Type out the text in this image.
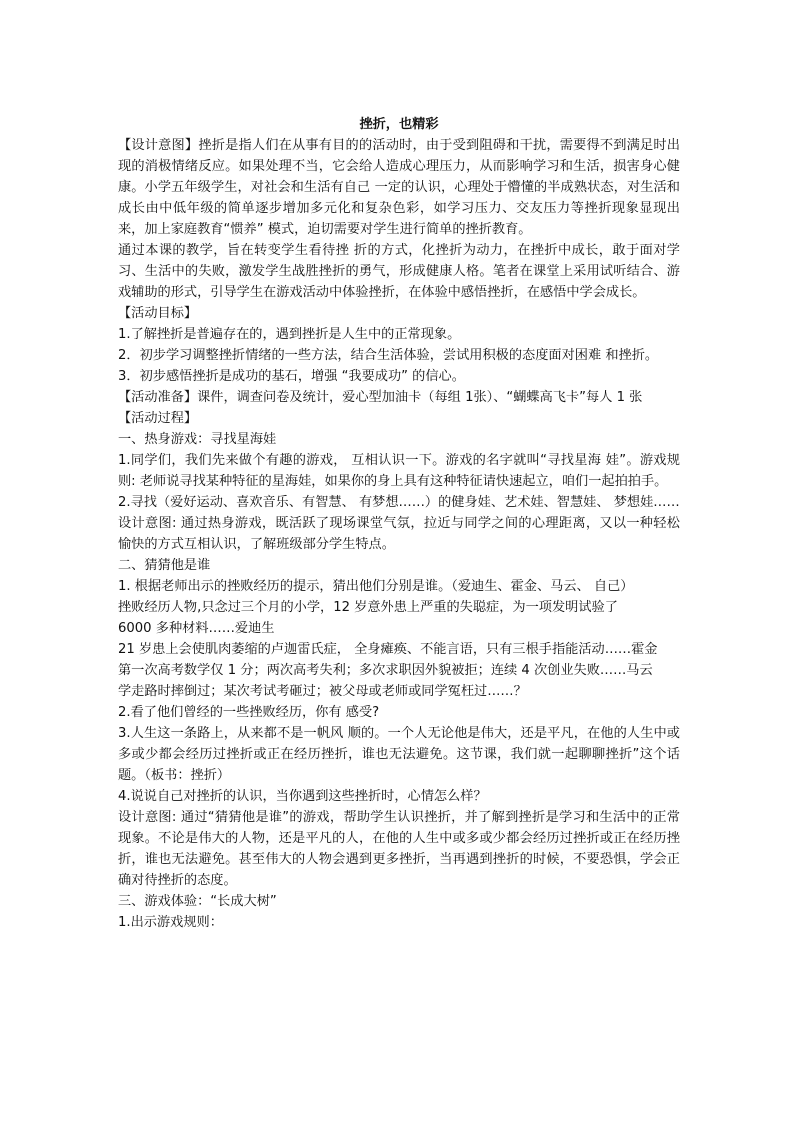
挫折，也精彩

【设计意图】挫折是指人们在从事有目的的活动时，由于受到阻碍和干扰，需要得不到满足时出现的消极情绪反应。如果处理不当，它会给人造成心理压力，从而影响学习和生活，损害身心健康。小学五年级学生，对社会和生活有自己 一定的认识，心理处于懵懂的半成熟状态，对生活和成长由中低年级的简单逐步增加多元化和复杂色彩，如学习压力、交友压力等挫折现象显现出来，加上家庭教育“惯养” 模式，迫切需要对学生进行简单的挫折教育。

通过本课的教学，旨在转变学生看待挫 折的方式，化挫折为动力，在挫折中成长，敢于面对学习、生活中的失败，激发学生战胜挫折的勇气，形成健康人格。笔者在课堂上采用试听结合、游戏辅助的形式，引导学生在游戏活动中体验挫折，在体验中感悟挫折，在感悟中学会成长。

【活动目标】

1.了解挫折是普遍存在的，遇到挫折是人生中的正常现象。

2．初步学习调整挫折情绪的一些方法，结合生活体验，尝试用积极的态度面对困难 和挫折。

3．初步感悟挫折是成功的基石，增强 “我要成功” 的信心。

【活动准备】课件，调查问卷及统计，爱心型加油卡（每组 1张）、“蝴蝶高飞卡”每人 1 张

【活动过程】

一、热身游戏：寻找星海娃

1.同学们，我们先来做个有趣的游戏， 互相认识一下。游戏的名字就叫“寻找星海 娃”。游戏规则: 老师说寻找某种特征的星海娃，如果你的身上具有这种特征请快速起立，咱们一起拍拍手。

2.寻找（爱好运动、喜欢音乐、有智慧、 有梦想……）的健身娃、艺术娃、智慧娃、 梦想娃……

设计意图: 通过热身游戏，既活跃了现场课堂气氛，拉近与同学之间的心理距离，又以一种轻松愉快的方式互相认识，了解班级部分学生特点。

二、猜猜他是谁

1. 根据老师出示的挫败经历的提示，猜出他们分别是谁。（爱迪生、霍金、马云、 自己）

挫败经历人物,只念过三个月的小学，12 岁意外患上严重的失聪症，为一项发明试验了

6000 多种材料……爱迪生

21 岁患上会使肌肉萎缩的卢迦雷氏症， 全身瘫痪、不能言语，只有三根手指能活动……霍金

第一次高考数学仅 1 分；两次高考失利；多次求职因外貌被拒；连续 4 次创业失败……马云

学走路时摔倒过；某次考试考砸过；被父母或老师或同学冤枉过……？

2.看了他们曾经的一些挫败经历，你有 感受?

3.人生这一条路上，从来都不是一帆风 顺的。一个人无论他是伟大，还是平凡，在他的人生中或多或少都会经历过挫折或正在经历挫折，谁也无法避免。这节课，我们就一起聊聊挫折”这个话题。（板书：挫折）

4.说说自己对挫折的认识，当你遇到这些挫折时，心情怎么样？

设计意图: 通过“猜猜他是谁”的游戏，帮助学生认识挫折，并了解到挫折是学习和生活中的正常现象。不论是伟大的人物，还是平凡的人，在他的人生中或多或少都会经历过挫折或正在经历挫折，谁也无法避免。甚至伟大的人物会遇到更多挫折，当再遇到挫折的时候，不要恐惧，学会正确对待挫折的态度。

三、游戏体验：“长成大树”

1.出示游戏规则：
